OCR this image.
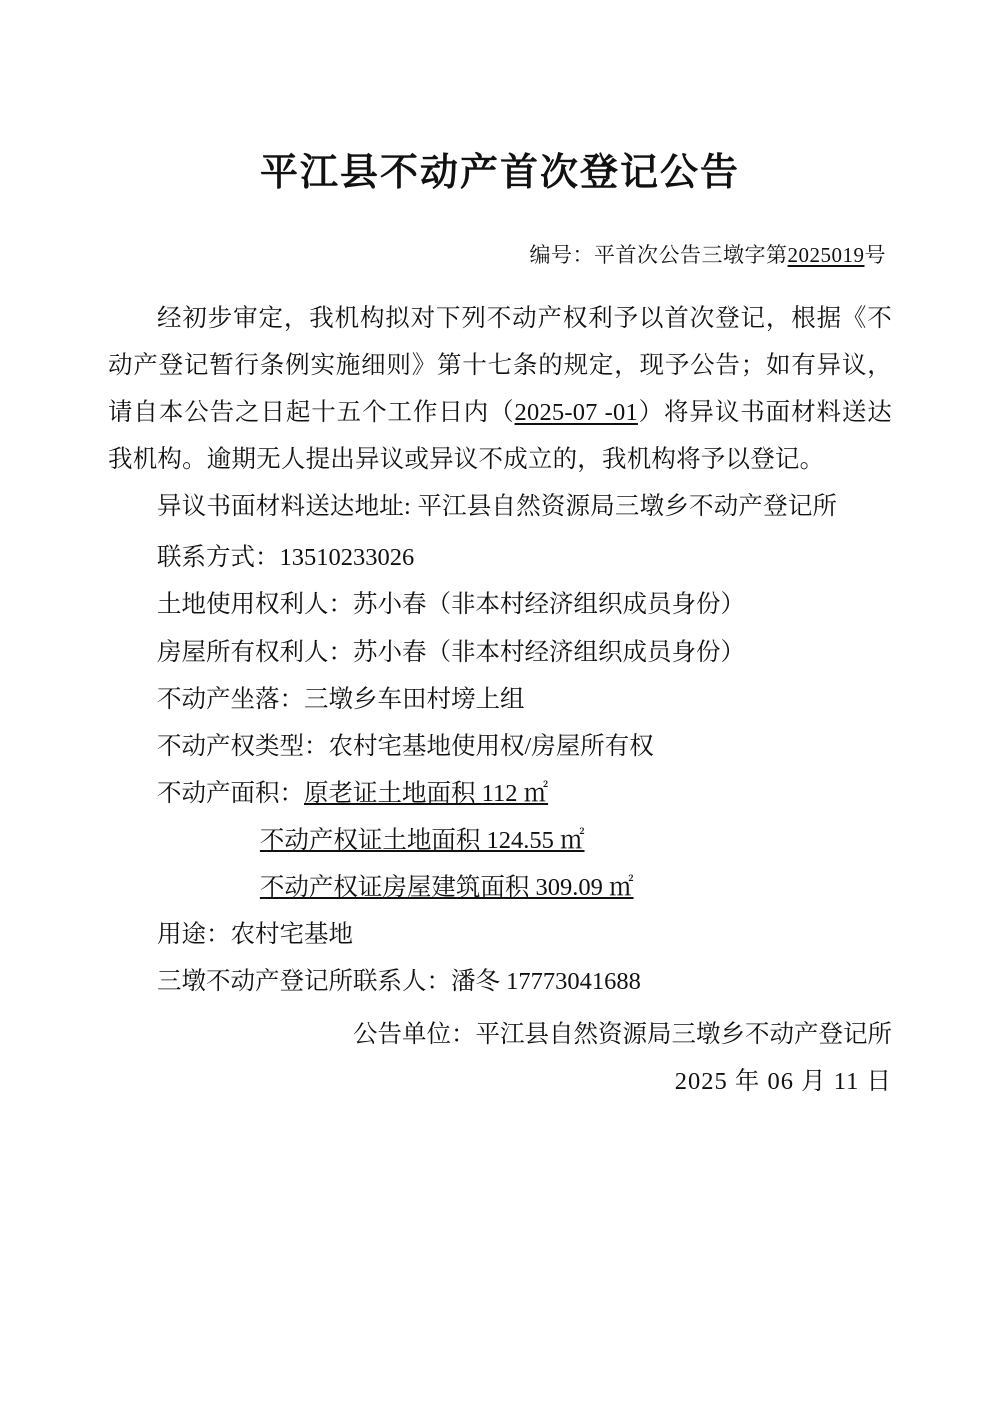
平江县不动产首次登记公告
编号：平首次公告三墩字第2025019号

经初步审定，我机构拟对下列不动产权利予以首次登记，根据《不动产登记暂行条例实施细则》第十七条的规定，现予公告；如有异议，请自本公告之日起十五个工作日内（2025-07 -01）将异议书面材料送达我机构。逾期无人提出异议或异议不成立的，我机构将予以登记。

异议书面材料送达地址: 平江县自然资源局三墩乡不动产登记所

联系方式：13510233026

土地使用权利人：苏小春（非本村经济组织成员身份）

房屋所有权利人：苏小春（非本村经济组织成员身份）

不动产坐落：三墩乡车田村塝上组

不动产权类型：农村宅基地使用权/房屋所有权

不动产面积：原老证土地面积 112 ㎡

不动产权证土地面积 124.55 ㎡

不动产权证房屋建筑面积 309.09 ㎡

用途：农村宅基地

三墩不动产登记所联系人：潘冬 17773041688

公告单位：平江县自然资源局三墩乡不动产登记所

2025 年 06 月 11 日
